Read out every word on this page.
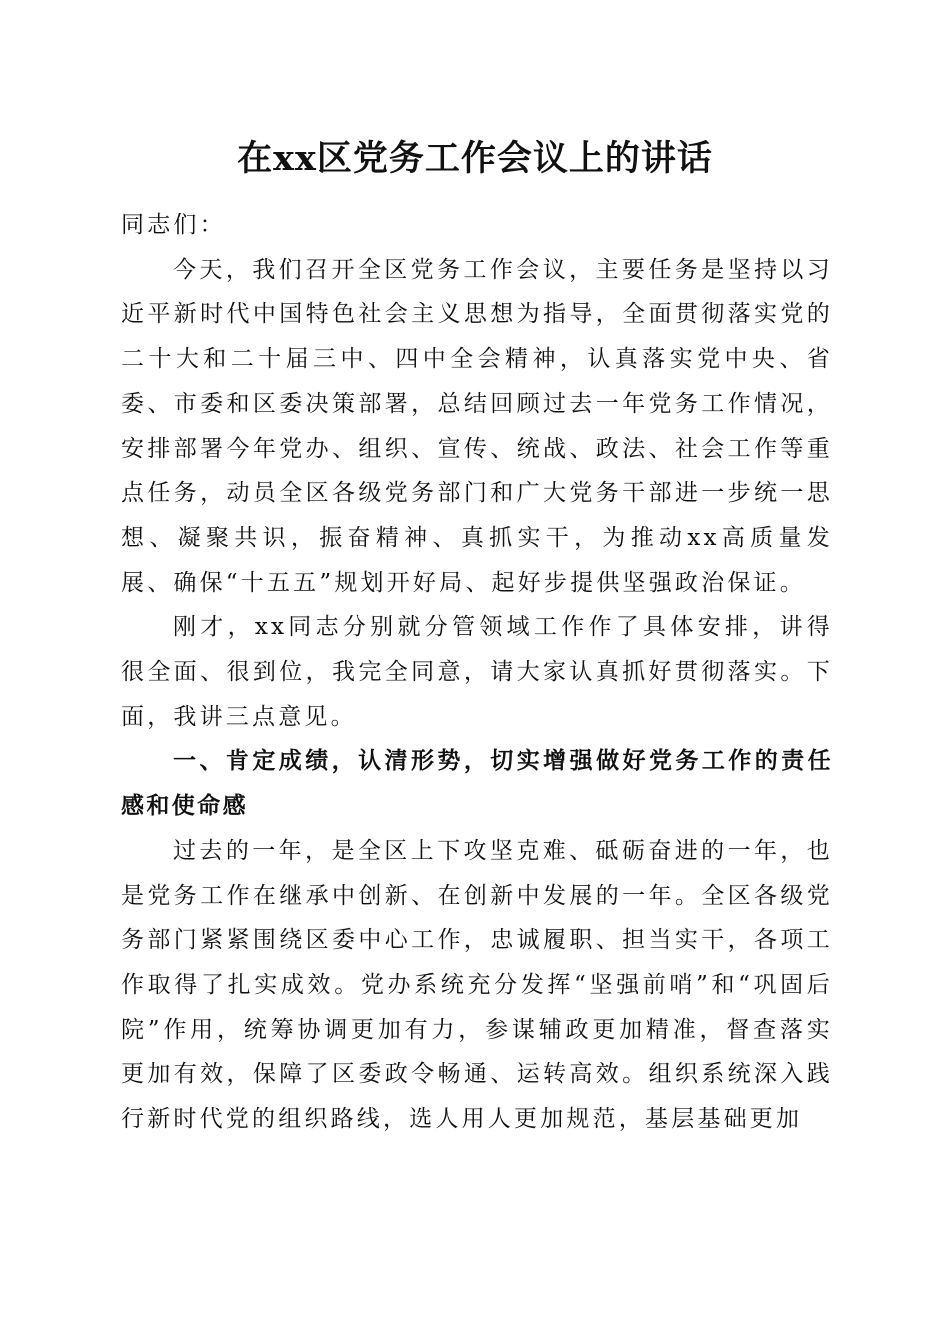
在xx区党务工作会议上的讲话

同志们：

今天，我们召开全区党务工作会议，主要任务是坚持以习近平新时代中国特色社会主义思想为指导，全面贯彻落实党的二十大和二十届三中、四中全会精神，认真落实党中央、省委、市委和区委决策部署，总结回顾过去一年党务工作情况，安排部署今年党办、组织、宣传、统战、政法、社会工作等重点任务，动员全区各级党务部门和广大党务干部进一步统一思想、凝聚共识，振奋精神、真抓实干，为推动xx高质量发展、确保“十五五”规划开好局、起好步提供坚强政治保证。

刚才，xx同志分别就分管领域工作作了具体安排，讲得很全面、很到位，我完全同意，请大家认真抓好贯彻落实。下面，我讲三点意见。

一、肯定成绩，认清形势，切实增强做好党务工作的责任感和使命感

过去的一年，是全区上下攻坚克难、砥砺奋进的一年，也是党务工作在继承中创新、在创新中发展的一年。全区各级党务部门紧紧围绕区委中心工作，忠诚履职、担当实干，各项工作取得了扎实成效。党办系统充分发挥“坚强前哨”和“巩固后院”作用，统筹协调更加有力，参谋辅政更加精准，督查落实更加有效，保障了区委政令畅通、运转高效。组织系统深入践行新时代党的组织路线，选人用人更加规范，基层基础更加
